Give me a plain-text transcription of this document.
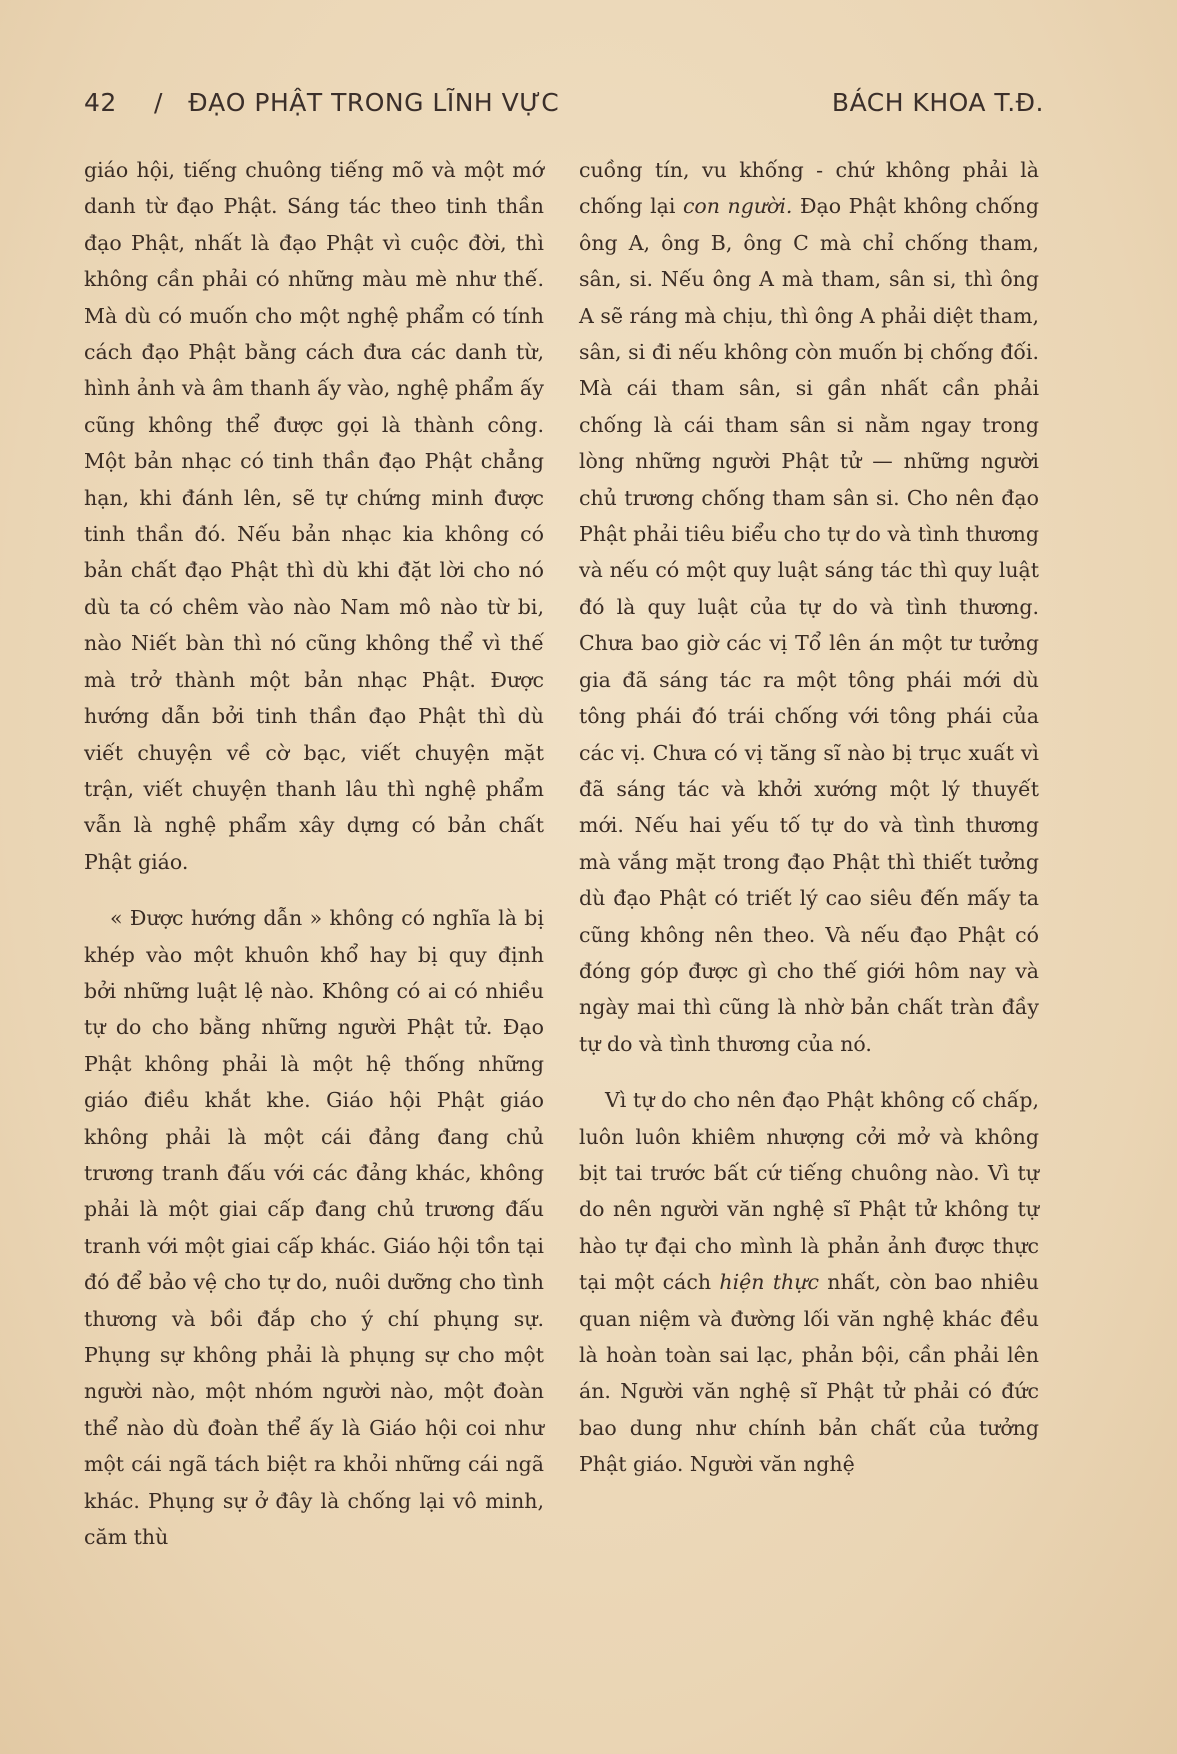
42 / ĐẠO PHẬT TRONG LĨNH VỰC	BÁCH KHOA T.Đ.

giáo hội, tiếng chuông tiếng mõ và một mớ danh từ đạo Phật. Sáng tác theo tinh thần đạo Phật, nhất là đạo Phật vì cuộc đời, thì không cần phải có những màu mè như thế. Mà dù có muốn cho một nghệ phẩm có tính cách đạo Phật bằng cách đưa các danh từ, hình ảnh và âm thanh ấy vào, nghệ phẩm ấy cũng không thể được gọi là thành công. Một bản nhạc có tinh thần đạo Phật chẳng hạn, khi đánh lên, sẽ tự chứng minh được tinh thần đó. Nếu bản nhạc kia không có bản chất đạo Phật thì dù khi đặt lời cho nó dù ta có chêm vào nào Nam mô nào từ bi, nào Niết bàn thì nó cũng không thể vì thế mà trở thành một bản nhạc Phật. Được hướng dẫn bởi tinh thần đạo Phật thì dù viết chuyện về cờ bạc, viết chuyện mặt trận, viết chuyện thanh lâu thì nghệ phẩm vẫn là nghệ phẩm xây dựng có bản chất Phật giáo.

« Được hướng dẫn » không có nghĩa là bị khép vào một khuôn khổ hay bị quy định bởi những luật lệ nào. Không có ai có nhiều tự do cho bằng những người Phật tử. Đạo Phật không phải là một hệ thống những giáo điều khắt khe. Giáo hội Phật giáo không phải là một cái đảng đang chủ trương tranh đấu với các đảng khác, không phải là một giai cấp đang chủ trương đấu tranh với một giai cấp khác. Giáo hội tồn tại đó để bảo vệ cho tự do, nuôi dưỡng cho tình thương và bồi đắp cho ý chí phụng sự. Phụng sự không phải là phụng sự cho một người nào, một nhóm người nào, một đoàn thể nào dù đoàn thể ấy là Giáo hội coi như một cái ngã tách biệt ra khỏi những cái ngã khác. Phụng sự ở đây là chống lại vô minh, căm thù

cuồng tín, vu khống - chứ không phải là chống lại con người. Đạo Phật không chống ông A, ông B, ông C mà chỉ chống tham, sân, si. Nếu ông A mà tham, sân si, thì ông A sẽ ráng mà chịu, thì ông A phải diệt tham, sân, si đi nếu không còn muốn bị chống đối. Mà cái tham sân, si gần nhất cần phải chống là cái tham sân si nằm ngay trong lòng những người Phật tử — những người chủ trương chống tham sân si. Cho nên đạo Phật phải tiêu biểu cho tự do và tình thương và nếu có một quy luật sáng tác thì quy luật đó là quy luật của tự do và tình thương. Chưa bao giờ các vị Tổ lên án một tư tưởng gia đã sáng tác ra một tông phái mới dù tông phái đó trái chống với tông phái của các vị. Chưa có vị tăng sĩ nào bị trục xuất vì đã sáng tác và khởi xướng một lý thuyết mới. Nếu hai yếu tố tự do và tình thương mà vắng mặt trong đạo Phật thì thiết tưởng dù đạo Phật có triết lý cao siêu đến mấy ta cũng không nên theo. Và nếu đạo Phật có đóng góp được gì cho thế giới hôm nay và ngày mai thì cũng là nhờ bản chất tràn đầy tự do và tình thương của nó.

Vì tự do cho nên đạo Phật không cố chấp, luôn luôn khiêm nhượng cởi mở và không bịt tai trước bất cứ tiếng chuông nào. Vì tự do nên người văn nghệ sĩ Phật tử không tự hào tự đại cho mình là phản ảnh được thực tại một cách hiện thực nhất, còn bao nhiêu quan niệm và đường lối văn nghệ khác đều là hoàn toàn sai lạc, phản bội, cần phải lên án. Người văn nghệ sĩ Phật tử phải có đức bao dung như chính bản chất của tưởng Phật giáo. Người văn nghệ
